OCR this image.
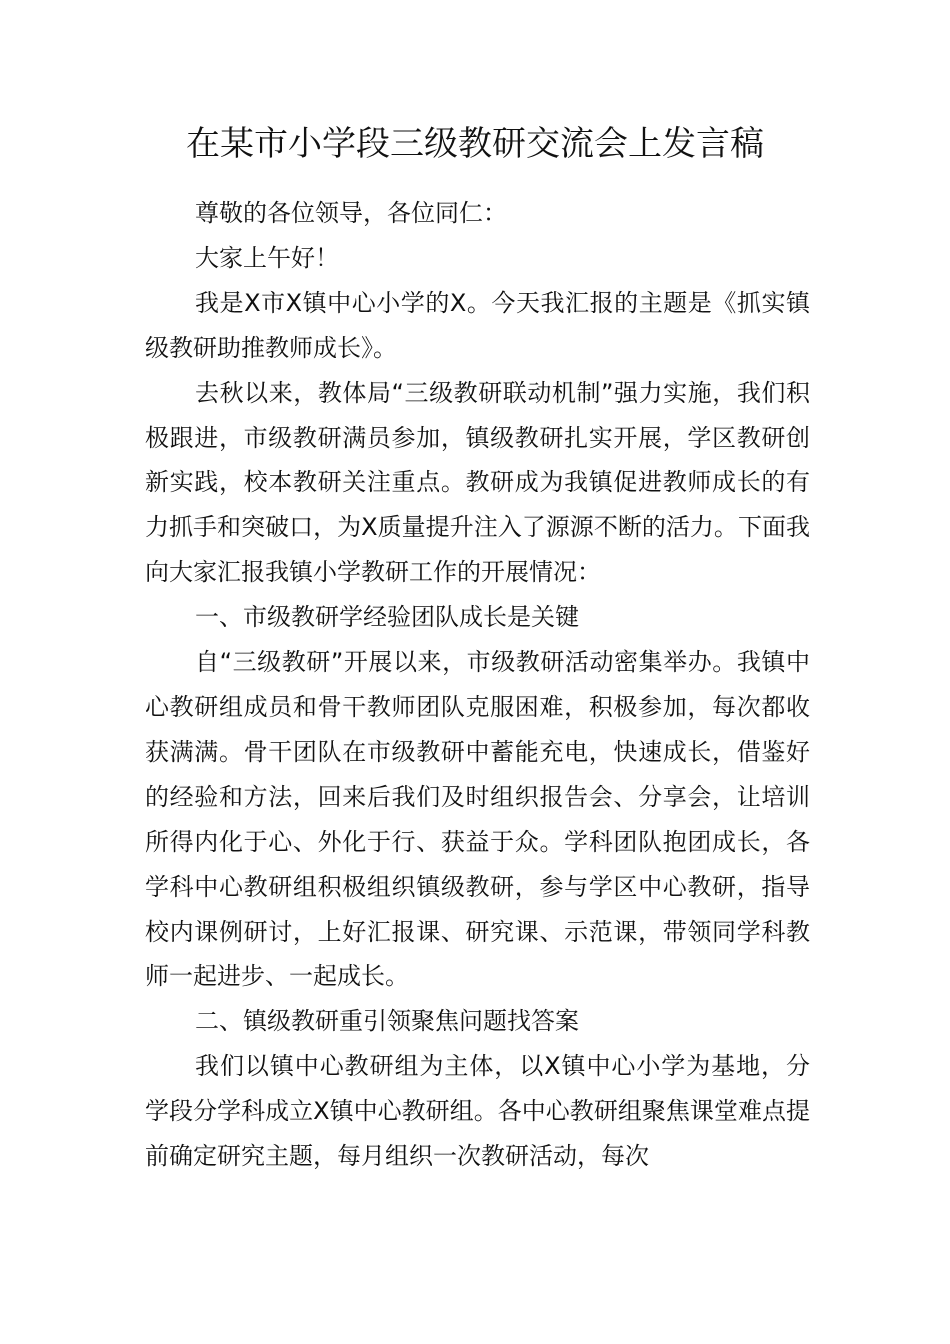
在某市小学段三级教研交流会上发言稿

尊敬的各位领导，各位同仁：

大家上午好！

我是X市X镇中心小学的X。今天我汇报的主题是《抓实镇级教研助推教师成长》。

去秋以来，教体局“三级教研联动机制”强力实施，我们积极跟进，市级教研满员参加，镇级教研扎实开展，学区教研创新实践，校本教研关注重点。教研成为我镇促进教师成长的有力抓手和突破口，为X质量提升注入了源源不断的活力。下面我向大家汇报我镇小学教研工作的开展情况：

一、市级教研学经验团队成长是关键

自“三级教研”开展以来，市级教研活动密集举办。我镇中心教研组成员和骨干教师团队克服困难，积极参加，每次都收获满满。骨干团队在市级教研中蓄能充电，快速成长，借鉴好的经验和方法，回来后我们及时组织报告会、分享会，让培训所得内化于心、外化于行、获益于众。学科团队抱团成长，各学科中心教研组积极组织镇级教研，参与学区中心教研，指导校内课例研讨，上好汇报课、研究课、示范课，带领同学科教师一起进步、一起成长。

二、镇级教研重引领聚焦问题找答案

我们以镇中心教研组为主体，以X镇中心小学为基地，分学段分学科成立X镇中心教研组。各中心教研组聚焦课堂难点提前确定研究主题，每月组织一次教研活动，每次
